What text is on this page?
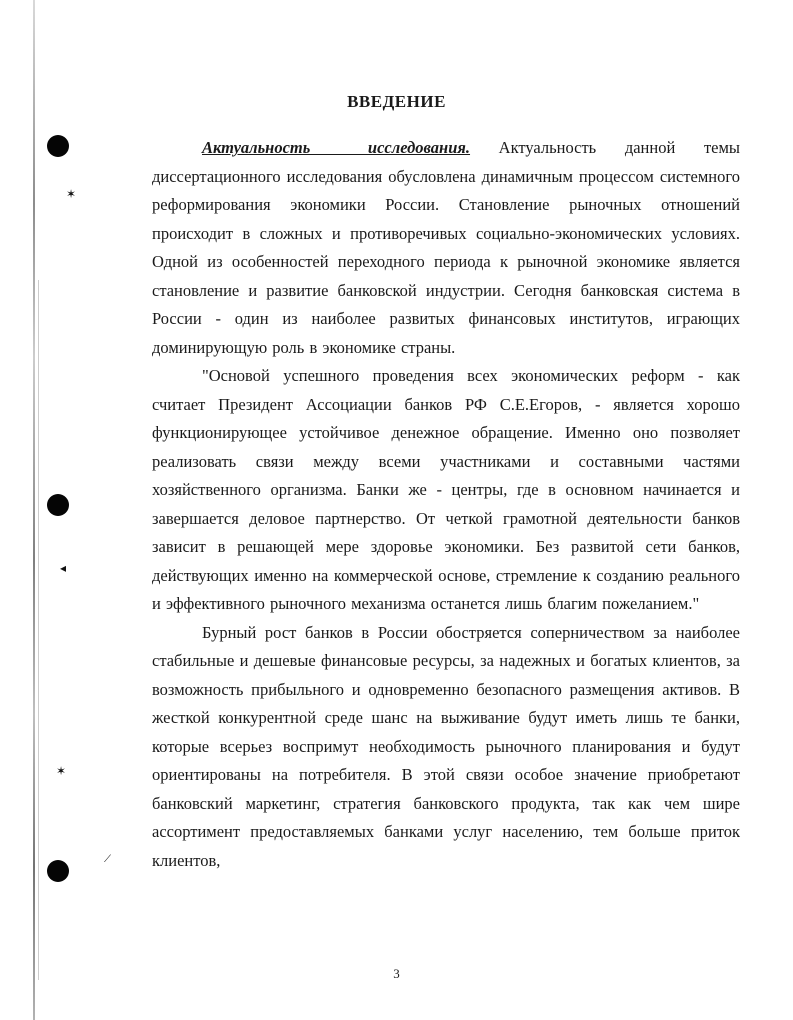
✶
◂
✶
⟋
ВВЕДЕНИЕ

Актуальность исследования. Актуальность данной темы диссертационного исследования обусловлена динамичным процессом системного реформирования экономики России. Становление рыночных отношений происходит в сложных и противоречивых социально-экономических условиях. Одной из особенностей переходного периода к рыночной экономике является становление и развитие банковской индустрии. Сегодня банковская система в России - один из наиболее развитых финансовых институтов, играющих доминирующую роль в экономике страны.

"Основой успешного проведения всех экономических реформ - как считает Президент Ассоциации банков РФ С.Е.Егоров, - является хорошо функционирующее устойчивое денежное обращение. Именно оно позволяет реализовать связи между всеми участниками и составными частями хозяйственного организма. Банки же - центры, где в основном начинается и завершается деловое партнерство. От четкой грамотной деятельности банков зависит в решающей мере здоровье экономики. Без развитой сети банков, действующих именно на коммерческой основе, стремление к созданию реального и эффективного рыночного механизма останется лишь благим пожеланием."

Бурный рост банков в России обостряется соперничеством за наиболее стабильные и дешевые финансовые ресурсы, за надежных и богатых клиентов, за возможность прибыльного и одновременно безопасного размещения активов. В жесткой конкурентной среде шанс на выживание будут иметь лишь те банки, которые всерьез воспримут необходимость рыночного планирования и будут ориентированы на потребителя. В этой связи особое значение приобретают банковский маркетинг, стратегия банковского продукта, так как чем шире ассортимент предоставляемых банками услуг населению, тем больше приток клиентов,

3
